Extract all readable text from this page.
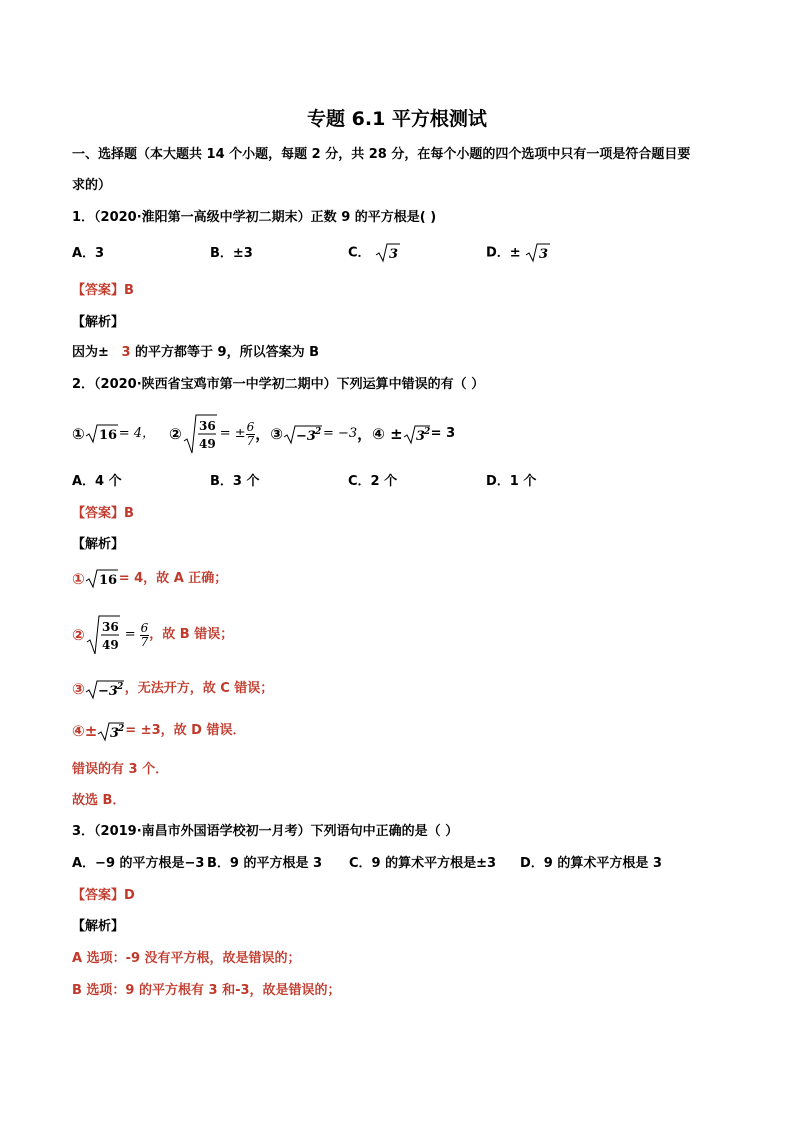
专题 6.1 平方根测试
一、选择题（本大题共 14 个小题，每题 2 分，共 28 分，在每个小题的四个选项中只有一项是符合题目要
求的）
1．（2020·淮阳第一高级中学初二期末）正数 9 的平方根是( )
A．3	B．±3	C． 3	D．± 3
【答案】B
【解析】
因为± 3 的平方都等于 9，所以答案为 B
2．（2020·陕西省宝鸡市第一中学初二期中）下列运算中错误的有（ ）
① 16 = 4， ② 36
49
= ± $\frac{6}{7}$ ，③ −3 2 = −3 ，④ ± 3
2 = 3
A．4 个	B．3 个	C．2 个	D．1 个
【答案】B
【解析】
① 16 = 4，故 A 正确；
② 36
49
= $\frac{6}{7}$ ，故 B 错误；
③ −3 2 ，无法开方，故 C 错误；
④± 3
2 = ±3，故 D 错误．
错误的有 3 个．
故选 B．
3．（2019·南昌市外国语学校初一月考）下列语句中正确的是（ ）
A．−9 的平方根是−3 B．9 的平方根是 3 C．9 的算术平方根是±3 D．9 的算术平方根是 3
【答案】D
【解析】
A 选项：-9 没有平方根，故是错误的；
B 选项：9 的平方根有 3 和-3，故是错误的；
